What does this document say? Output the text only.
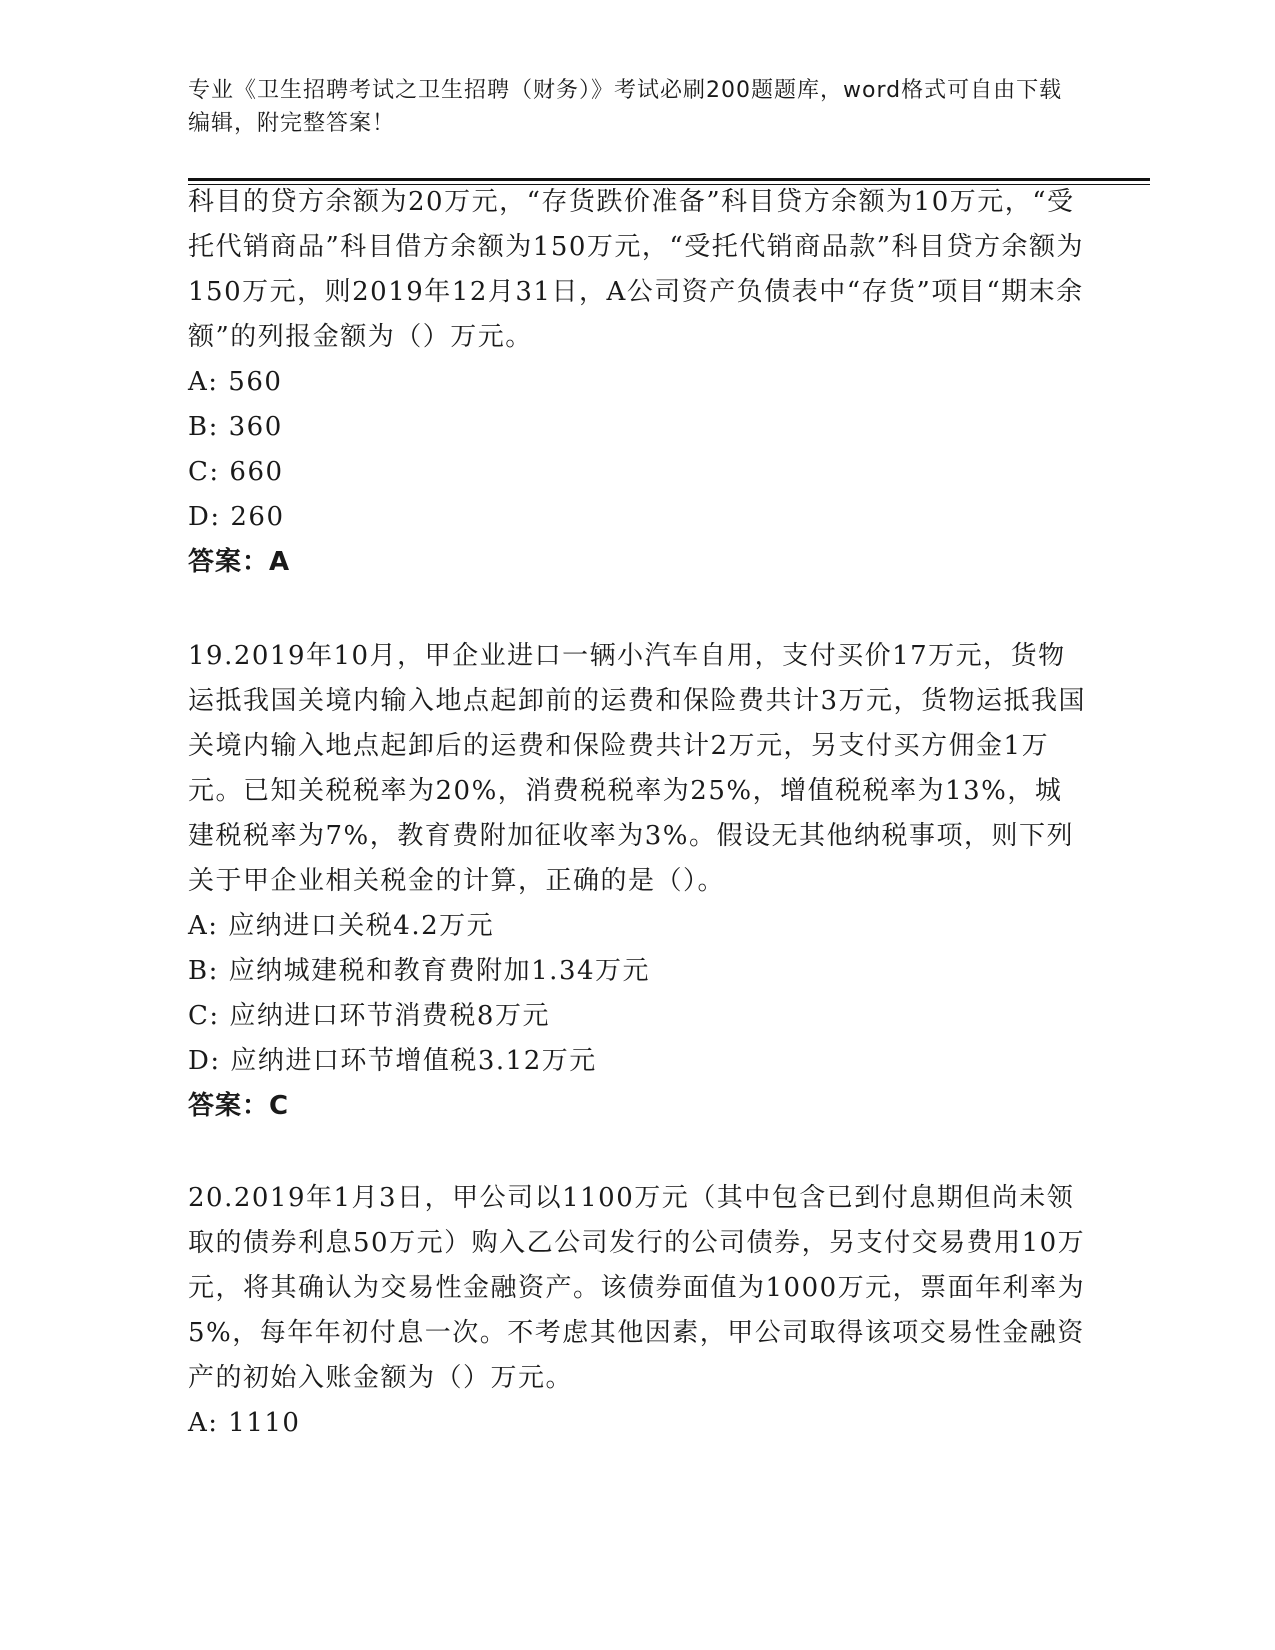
专业《卫生招聘考试之卫生招聘（财务）》考试必刷200题题库，word格式可自由下载编辑，附完整答案！

科目的贷方余额为20万元，“存货跌价准备”科目贷方余额为10万元，“受托代销商品”科目借方余额为150万元，“受托代销商品款”科目贷方余额为150万元，则2019年12月31日，A公司资产负债表中“存货”项目“期末余额”的列报金额为（）万元。

A: 560

B: 360

C: 660

D: 260

答案：A

19.2019年10月，甲企业进口一辆小汽车自用，支付买价17万元，货物运抵我国关境内输入地点起卸前的运费和保险费共计3万元，货物运抵我国关境内输入地点起卸后的运费和保险费共计2万元，另支付买方佣金1万元。已知关税税率为20%，消费税税率为25%，增值税税率为13%，城建税税率为7%，教育费附加征收率为3%。假设无其他纳税事项，则下列关于甲企业相关税金的计算，正确的是（）。

A: 应纳进口关税4.2万元

B: 应纳城建税和教育费附加1.34万元

C: 应纳进口环节消费税8万元

D: 应纳进口环节增值税3.12万元

答案：C

20.2019年1月3日，甲公司以1100万元（其中包含已到付息期但尚未领取的债券利息50万元）购入乙公司发行的公司债券，另支付交易费用10万元，将其确认为交易性金融资产。该债券面值为1000万元，票面年利率为5%，每年年初付息一次。不考虑其他因素，甲公司取得该项交易性金融资产的初始入账金额为（）万元。

A: 1110
